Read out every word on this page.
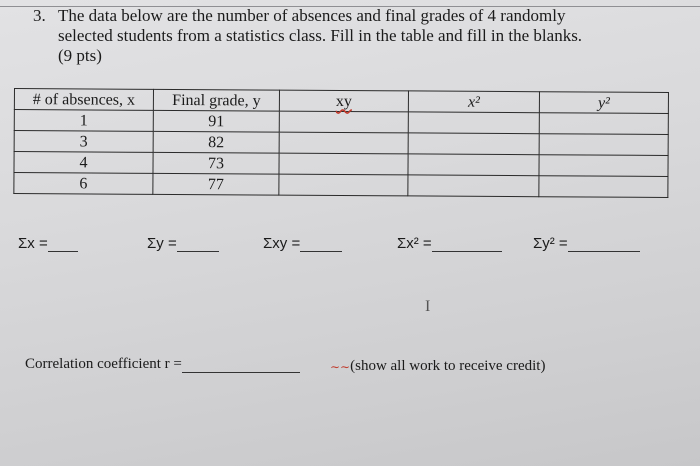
3. The data below are the number of absences and final grades of 4 randomly
selected students from a statistics class. Fill in the table and fill in the blanks.
(9 pts)
# of absences, x	Final grade, y	xy	x²	y²
1	91			
3	82			
4	73			
6	77			
Σx =	Σy =	Σxy =	Σx² =	Σy² =
I
Correlation coefficient r =	∼∼(show all work to receive credit)
